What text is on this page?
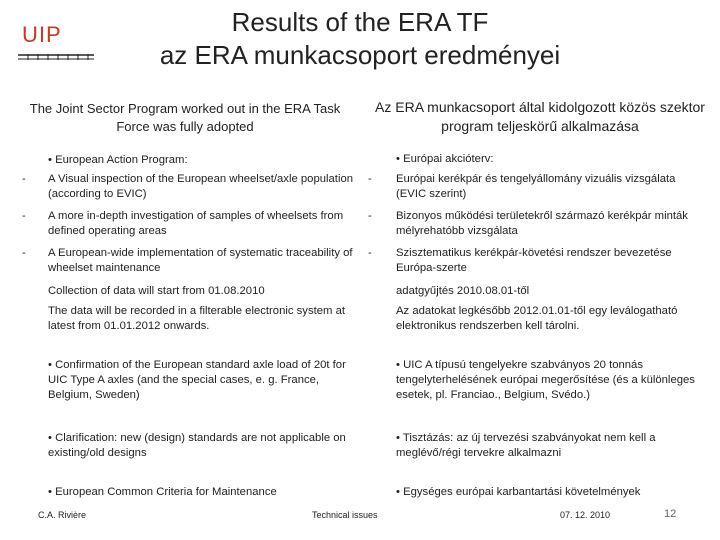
UIP	Results of the ERA TF
az ERA munkacsoport eredményei
The Joint Sector Program worked out in the ERA Task Force was fully adopted
Az ERA munkacsoport által kidolgozott közös szektor program teljeskörű alkalmazása

• European Action Program:

- A Visual inspection of the European wheelset/axle population (according to EVIC)

- A more in-depth investigation of samples of wheelsets from defined operating areas

- A European-wide implementation of systematic traceability of wheelset maintenance

Collection of data will start from 01.08.2010

The data will be recorded in a filterable electronic system at latest from 01.01.2012 onwards.

• Confirmation of the European standard axle load of 20t for UIC Type A axles (and the special cases, e. g. France, Belgium, Sweden)

• Clarification: new (design) standards are not applicable on existing/old designs

• European Common Criteria for Maintenance

• Európai akcióterv:

- Európai kerékpár és tengelyállomány vizuális vizsgálata (EVIC szerint)

- Bizonyos működési területekről származó kerékpár minták mélyrehatóbb vizsgálata

- Szisztematikus kerékpár-követési rendszer bevezetése Európa-szerte

adatgyűjtés 2010.08.01-től

Az adatokat legkésőbb 2012.01.01-től egy leválogatható elektronikus rendszerben kell tárolni.

• UIC A típusú tengelyekre szabványos 20 tonnás tengelyterhelésének európai megerősítése (és a különleges esetek, pl. Franciao., Belgium, Svédo.)

• Tisztázás: az új tervezési szabványokat nem kell a meglévő/régi tervekre alkalmazni

• Egységes európai karbantartási követelmények

C.A. Rivière	Technical issues	07. 12. 2010	12
